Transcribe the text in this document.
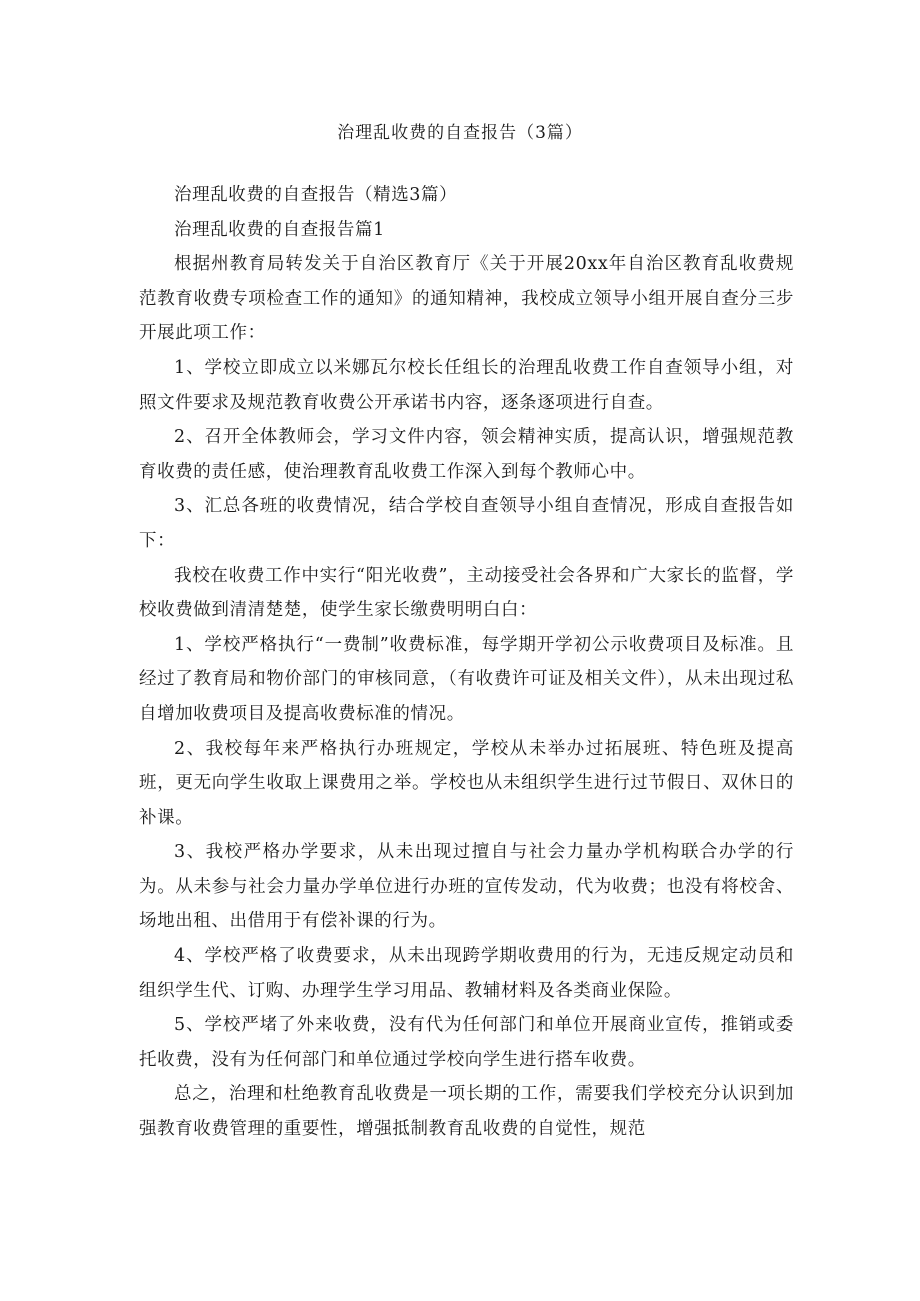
治理乱收费的自查报告（3篇）

治理乱收费的自查报告（精选3篇）

治理乱收费的自查报告篇1

根据州教育局转发关于自治区教育厅《关于开展20xx年自治区教育乱收费规范教育收费专项检查工作的通知》的通知精神，我校成立领导小组开展自查分三步开展此项工作：

1、学校立即成立以米娜瓦尔校长任组长的治理乱收费工作自查领导小组，对照文件要求及规范教育收费公开承诺书内容，逐条逐项进行自查。

2、召开全体教师会，学习文件内容，领会精神实质，提高认识，增强规范教育收费的责任感，使治理教育乱收费工作深入到每个教师心中。

3、汇总各班的收费情况，结合学校自查领导小组自查情况，形成自查报告如下：

我校在收费工作中实行“阳光收费”，主动接受社会各界和广大家长的监督，学校收费做到清清楚楚，使学生家长缴费明明白白：

1、学校严格执行“一费制”收费标准，每学期开学初公示收费项目及标准。且经过了教育局和物价部门的审核同意，（有收费许可证及相关文件），从未出现过私自增加收费项目及提高收费标准的情况。

2、我校每年来严格执行办班规定，学校从未举办过拓展班、特色班及提高班，更无向学生收取上课费用之举。学校也从未组织学生进行过节假日、双休日的补课。

3、我校严格办学要求，从未出现过擅自与社会力量办学机构联合办学的行为。从未参与社会力量办学单位进行办班的宣传发动，代为收费；也没有将校舍、场地出租、出借用于有偿补课的行为。

4、学校严格了收费要求，从未出现跨学期收费用的行为，无违反规定动员和组织学生代、订购、办理学生学习用品、教辅材料及各类商业保险。

5、学校严堵了外来收费，没有代为任何部门和单位开展商业宣传，推销或委托收费，没有为任何部门和单位通过学校向学生进行搭车收费。

总之，治理和杜绝教育乱收费是一项长期的工作，需要我们学校充分认识到加强教育收费管理的重要性，增强抵制教育乱收费的自觉性，规范
